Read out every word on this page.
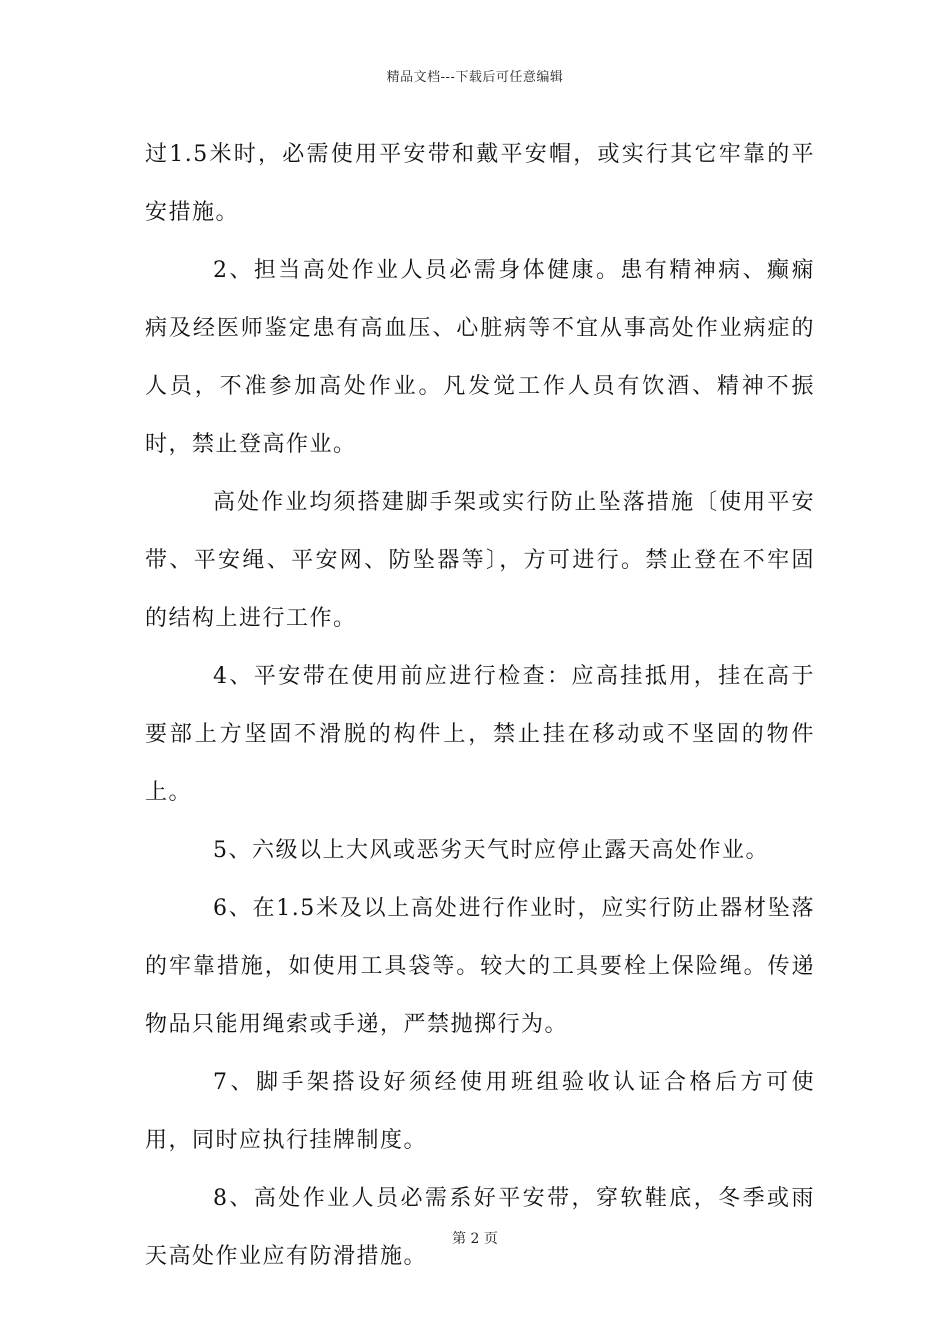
精品文档---下载后可任意编辑

过1.5米时，必需使用平安带和戴平安帽，或实行其它牢靠的平安措施。

2、担当高处作业人员必需身体健康。患有精神病、癫痫病及经医师鉴定患有高血压、心脏病等不宜从事高处作业病症的人员，不准参加高处作业。凡发觉工作人员有饮酒、精神不振时，禁止登高作业。

高处作业均须搭建脚手架或实行防止坠落措施〔使用平安带、平安绳、平安网、防坠器等〕，方可进行。禁止登在不牢固的结构上进行工作。

4、平安带在使用前应进行检查：应高挂抵用，挂在高于要部上方坚固不滑脱的构件上，禁止挂在移动或不坚固的物件上。

5、六级以上大风或恶劣天气时应停止露天高处作业。

6、在1.5米及以上高处进行作业时，应实行防止器材坠落的牢靠措施，如使用工具袋等。较大的工具要栓上保险绳。传递物品只能用绳索或手递，严禁抛掷行为。

7、脚手架搭设好须经使用班组验收认证合格后方可使用，同时应执行挂牌制度。

8、高处作业人员必需系好平安带，穿软鞋底，冬季或雨天高处作业应有防滑措施。

第 2 页
